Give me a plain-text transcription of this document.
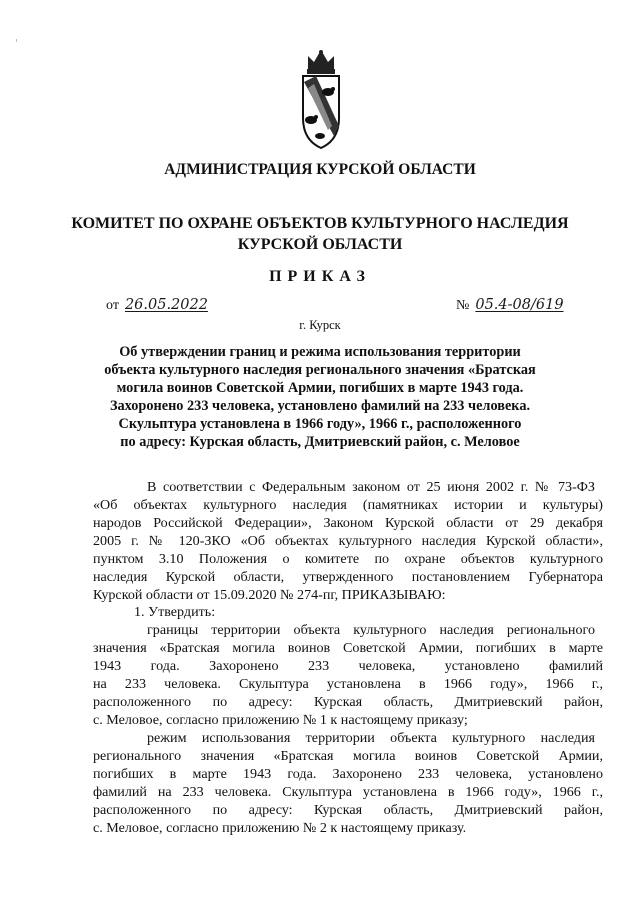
АДМИНИСТРАЦИЯ КУРСКОЙ ОБЛАСТИ
КОМИТЕТ ПО ОХРАНЕ ОБЪЕКТОВ КУЛЬТУРНОГО НАСЛЕДИЯ
КУРСКОЙ ОБЛАСТИ
ПРИКАЗ
от 26.05.2022	№ 05.4-08/619
г. Курск
Об утверждении границ и режима использования территории
объекта культурного наследия регионального значения «Братская
могила воинов Советской Армии, погибших в марте 1943 года.
Захоронено 233 человека, установлено фамилий на 233 человека.
Скульптура установлена в 1966 году», 1966 г., расположенного
по адресу: Курская область, Дмитриевский район, с. Меловое
В соответствии с Федеральным законом от 25 июня 2002 г. № 73-ФЗ
«Об объектах культурного наследия (памятниках истории и культуры)
народов Российской Федерации», Законом Курской области от 29 декабря
2005 г. № 120-ЗКО «Об объектах культурного наследия Курской области»,
пунктом 3.10 Положения о комитете по охране объектов культурного
наследия Курской области, утвержденного постановлением Губернатора
Курской области от 15.09.2020 № 274-пг, ПРИКАЗЫВАЮ:
1. Утвердить:
границы территории объекта культурного наследия регионального
значения «Братская могила воинов Советской Армии, погибших в марте
1943 года. Захоронено 233 человека, установлено фамилий
на 233 человека. Скульптура установлена в 1966 году», 1966 г.,
расположенного по адресу: Курская область, Дмитриевский район,
с. Меловое, согласно приложению № 1 к настоящему приказу;
режим использования территории объекта культурного наследия
регионального значения «Братская могила воинов Советской Армии,
погибших в марте 1943 года. Захоронено 233 человека, установлено
фамилий на 233 человека. Скульптура установлена в 1966 году», 1966 г.,
расположенного по адресу: Курская область, Дмитриевский район,
с. Меловое, согласно приложению № 2 к настоящему приказу.
